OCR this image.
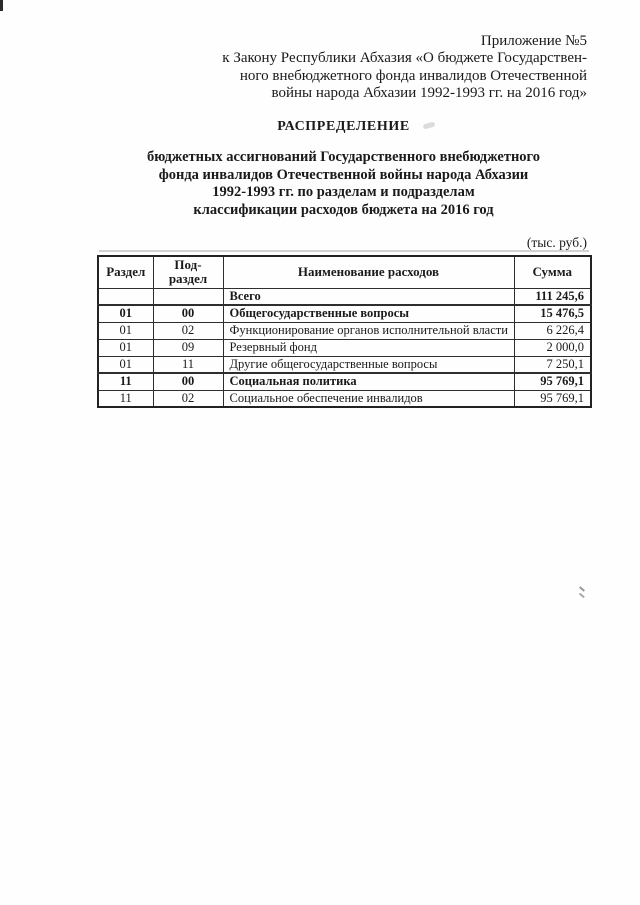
Приложение №5
к Закону Республики Абхазия «О бюджете Государствен-
ного внебюджетного фонда инвалидов Отечественной
войны народа Абхазии 1992-1993 гг. на 2016 год»
РАСПРЕДЕЛЕНИЕ
бюджетных ассигнований Государственного внебюджетного
фонда инвалидов Отечественной войны народа Абхазии
1992-1993 гг. по разделам и подразделам
классификации расходов бюджета на 2016 год
(тыс. руб.)
Раздел	Под-раздел	Наименование расходов	Сумма
		Всего	111 245,6
01	00	Общегосударственные вопросы	15 476,5
01	02	Функционирование органов исполнительной власти	6 226,4
01	09	Резервный фонд	2 000,0
01	11	Другие общегосударственные вопросы	7 250,1
11	00	Социальная политика	95 769,1
11	02	Социальное обеспечение инвалидов	95 769,1
